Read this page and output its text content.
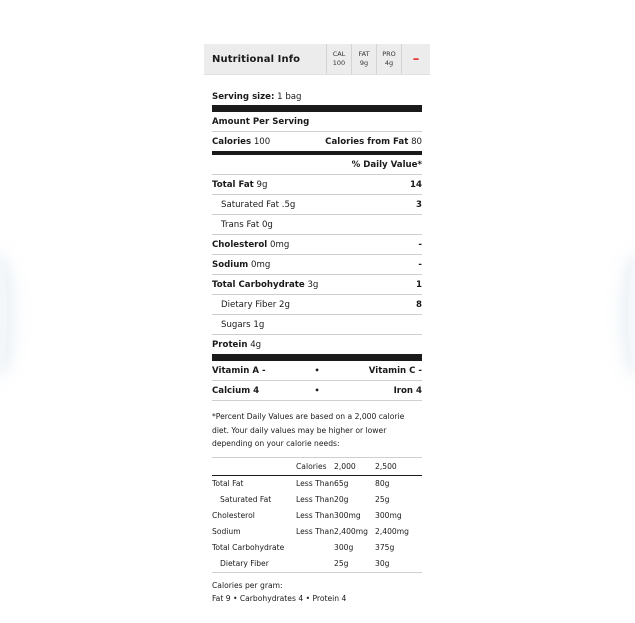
Nutritional Info	CAL
100
FAT
9g
PRO
4g –
Serving size: 1 bag
Amount Per Serving
Calories 100	Calories from Fat 80
% Daily Value*
Total Fat 9g	14
Saturated Fat .5g	3
Trans Fat 0g
Cholesterol 0mg	-
Sodium 0mg	-
Total Carbohydrate 3g	1
Dietary Fiber 2g	8
Sugars 1g
Protein 4g
Vitamin A -	•	Vitamin C -
Calcium 4	•	Iron 4
*Percent Daily Values are based on a 2,000 calorie diet. Your daily values may be higher or lower depending on your calorie needs:
	Calories	2,000	2,500
Total Fat	Less Than	65g	80g
Saturated Fat	Less Than	20g	25g
Cholesterol	Less Than	300mg	300mg
Sodium	Less Than	2,400mg	2,400mg
Total Carbohydrate		300g	375g
Dietary Fiber		25g	30g
Calories per gram:
Fat 9 • Carbohydrates 4 • Protein 4
